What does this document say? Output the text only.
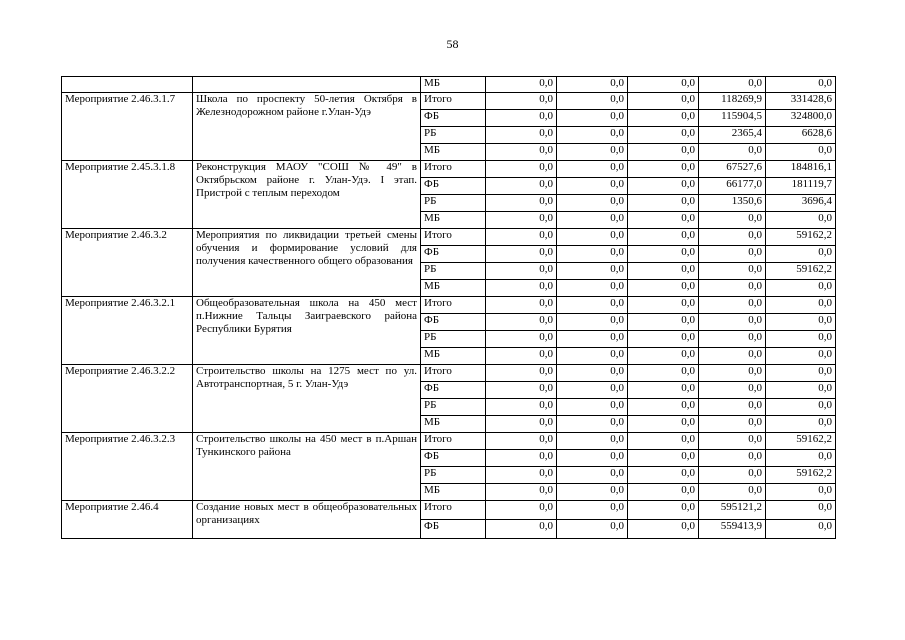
58
		МБ	0,0	0,0	0,0	0,0	0,0
Мероприятие 2.46.3.1.7	Школа по проспекту 50-летия Октября в Железнодорожном районе г.Улан-Удэ	Итого	0,0	0,0	0,0	118269,9	331428,6
		ФБ	0,0	0,0	0,0	115904,5	324800,0
		РБ	0,0	0,0	0,0	2365,4	6628,6
		МБ	0,0	0,0	0,0	0,0	0,0
Мероприятие 2.45.3.1.8	Реконструкция МАОУ "СОШ № 49" в Октябрьском районе г. Улан-Удэ. I этап. Пристрой с теплым переходом	Итого	0,0	0,0	0,0	67527,6	184816,1
		ФБ	0,0	0,0	0,0	66177,0	181119,7
		РБ	0,0	0,0	0,0	1350,6	3696,4
		МБ	0,0	0,0	0,0	0,0	0,0
Мероприятие 2.46.3.2	Мероприятия по ликвидации третьей смены обучения и формирование условий для получения качественного общего образования	Итого	0,0	0,0	0,0	0,0	59162,2
		ФБ	0,0	0,0	0,0	0,0	0,0
		РБ	0,0	0,0	0,0	0,0	59162,2
		МБ	0,0	0,0	0,0	0,0	0,0
Мероприятие 2.46.3.2.1	Общеобразовательная школа на 450 мест п.Нижние Тальцы Заиграевского района Республики Бурятия	Итого	0,0	0,0	0,0	0,0	0,0
		ФБ	0,0	0,0	0,0	0,0	0,0
		РБ	0,0	0,0	0,0	0,0	0,0
		МБ	0,0	0,0	0,0	0,0	0,0
Мероприятие 2.46.3.2.2	Строительство школы на 1275 мест по ул. Автотранспортная, 5 г. Улан-Удэ	Итого	0,0	0,0	0,0	0,0	0,0
		ФБ	0,0	0,0	0,0	0,0	0,0
		РБ	0,0	0,0	0,0	0,0	0,0
		МБ	0,0	0,0	0,0	0,0	0,0
Мероприятие 2.46.3.2.3	Строительство школы на 450 мест в п.Аршан Тункинского района	Итого	0,0	0,0	0,0	0,0	59162,2
		ФБ	0,0	0,0	0,0	0,0	0,0
		РБ	0,0	0,0	0,0	0,0	59162,2
		МБ	0,0	0,0	0,0	0,0	0,0
Мероприятие 2.46.4	Создание новых мест в общеобразовательных организациях	Итого	0,0	0,0	0,0	595121,2	0,0
		ФБ	0,0	0,0	0,0	559413,9	0,0
